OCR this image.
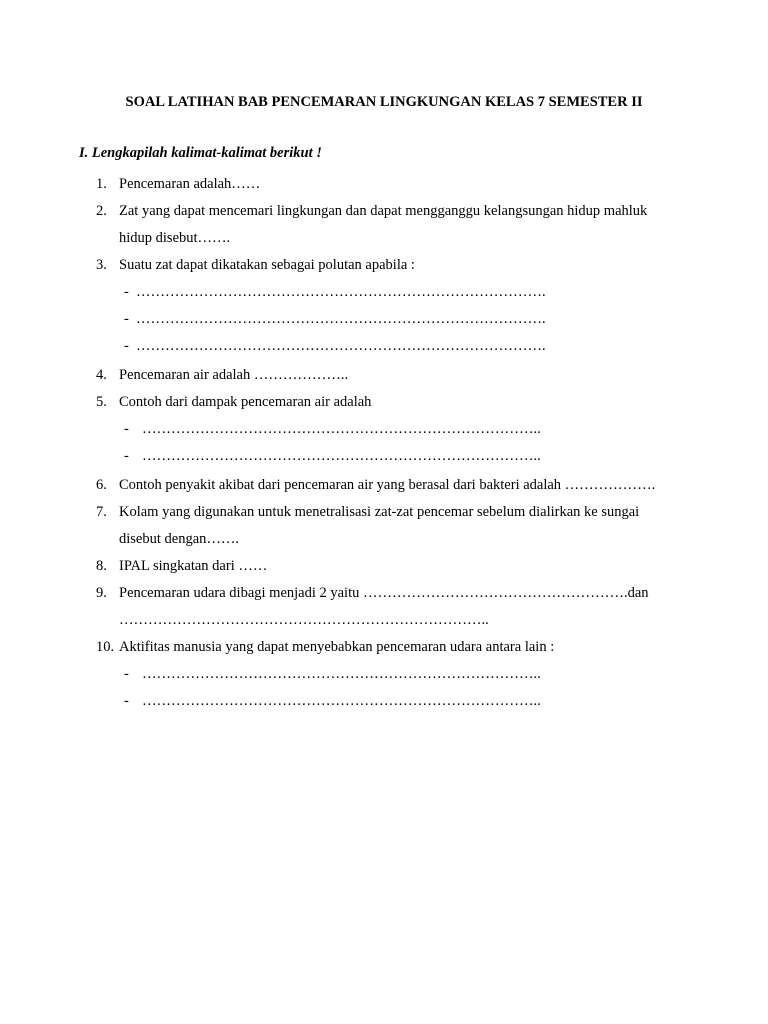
SOAL LATIHAN BAB PENCEMARAN LINGKUNGAN KELAS 7 SEMESTER II
I. Lengkapilah kalimat-kalimat berikut !
1. Pencemaran adalah……
2. Zat yang dapat mencemari lingkungan dan dapat mengganggu kelangsungan hidup mahluk
hidup disebut…….
3. Suatu zat dapat dikatakan sebagai polutan apabila :
- ………………………………………………………………………….
- ………………………………………………………………………….
- ………………………………………………………………………….
4. Pencemaran air adalah ………………..
5. Contoh dari dampak pencemaran air adalah
- ………………………………………………………………………..
- ………………………………………………………………………..
6. Contoh penyakit akibat dari pencemaran air yang berasal dari bakteri adalah ……………….
7. Kolam yang digunakan untuk menetralisasi zat-zat pencemar sebelum dialirkan ke sungai
disebut dengan…….
8. IPAL singkatan dari ……
9. Pencemaran udara dibagi menjadi 2 yaitu ……………………………………………….dan
…………………………………………………………………..
10. Aktifitas manusia yang dapat menyebabkan pencemaran udara antara lain :
- ………………………………………………………………………..
- ………………………………………………………………………..
